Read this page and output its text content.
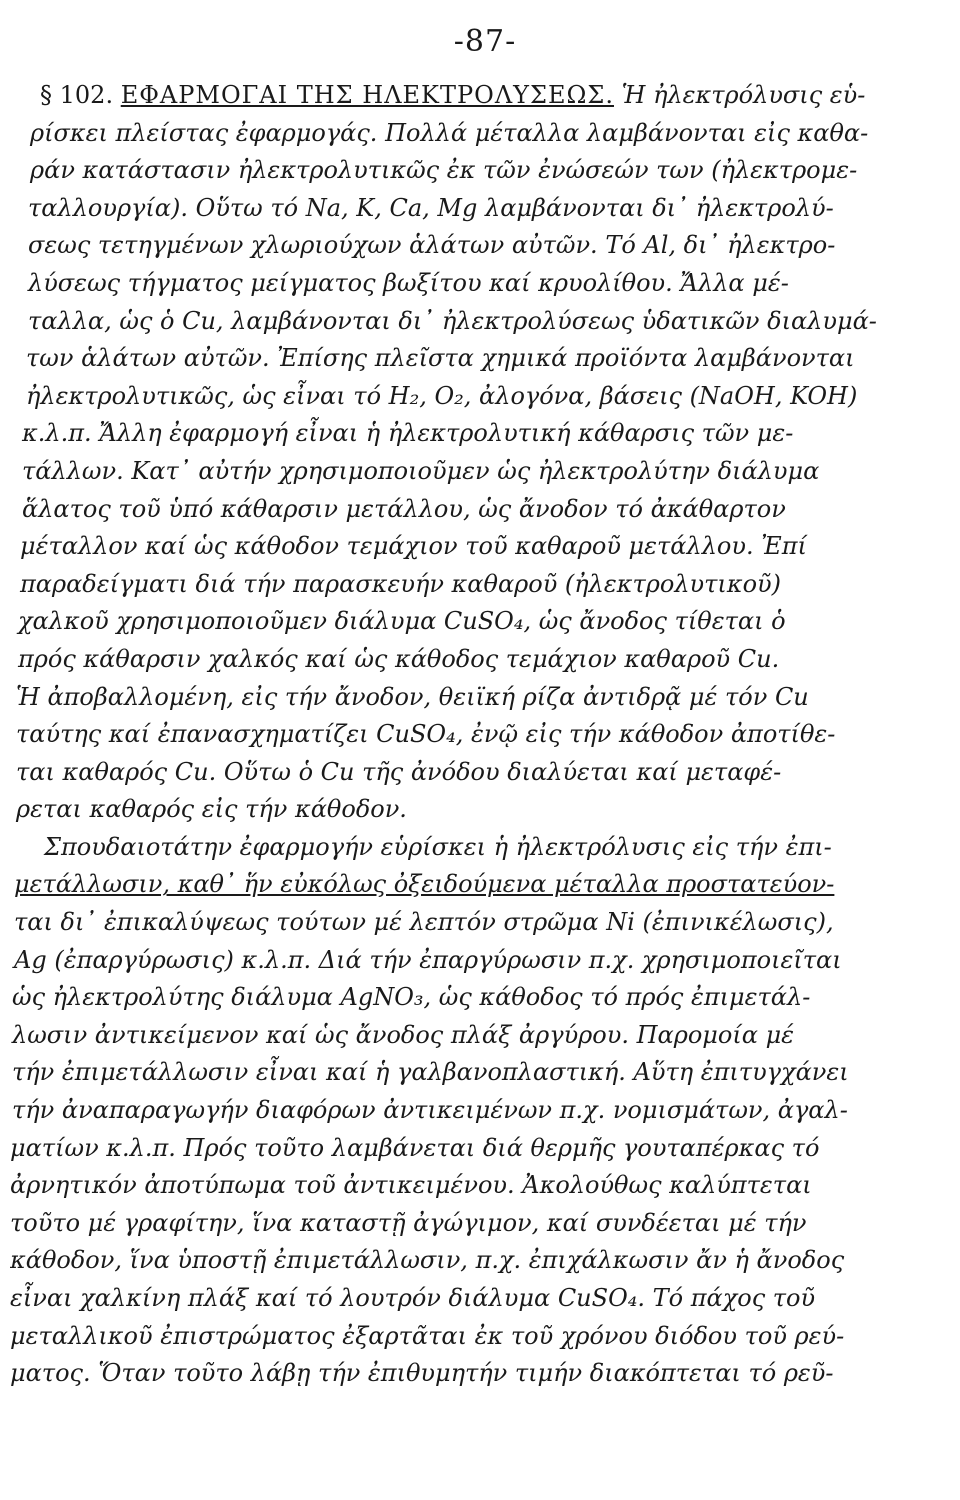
-87-
§ 102. ΕΦΑΡΜΟΓΑΙ ΤΗΣ ΗΛΕΚΤΡΟΛΥΣΕΩΣ. Ἡ ἠλεκτρόλυσις εὑ-
ρίσκει πλείστας ἐφαρμογάς. Πολλά μέταλλα λαμβάνονται εἰς καθα-
ράν κατάστασιν ἠλεκτρολυτικῶς ἐκ τῶν ἐνώσεών των (ἠλεκτρομε-
ταλλουργία). Οὕτω τό Na, K, Ca, Mg λαμβάνονται δι᾽ ἠλεκτρολύ-
σεως τετηγμένων χλωριούχων ἁλάτων αὐτῶν. Τό Al, δι᾽ ἠλεκτρο-
λύσεως τήγματος μείγματος βωξίτου καί κρυολίθου. Ἄλλα μέ-
ταλλα, ὡς ὁ Cu, λαμβάνονται δι᾽ ἠλεκτρολύσεως ὑδατικῶν διαλυμά-
των ἁλάτων αὐτῶν. Ἐπίσης πλεῖστα χημικά προϊόντα λαμβάνονται
ἠλεκτρολυτικῶς, ὡς εἶναι τό H₂, O₂, ἀλογόνα, βάσεις (NaOH, KOH)
κ.λ.π. Ἄλλη ἐφαρμογή εἶναι ἡ ἠλεκτρολυτική κάθαρσις τῶν με-
τάλλων. Κατ᾽ αὐτήν χρησιμοποιοῦμεν ὡς ἠλεκτρολύτην διάλυμα
ἅλατος τοῦ ὑπό κάθαρσιν μετάλλου, ὡς ἄνοδον τό ἀκάθαρτον
μέταλλον καί ὡς κάθοδον τεμάχιον τοῦ καθαροῦ μετάλλου. Ἐπί
παραδείγματι διά τήν παρασκευήν καθαροῦ (ἠλεκτρολυτικοῦ)
χαλκοῦ χρησιμοποιοῦμεν διάλυμα CuSO₄, ὡς ἄνοδος τίθεται ὁ
πρός κάθαρσιν χαλκός καί ὡς κάθοδος τεμάχιον καθαροῦ Cu.
Ἡ ἀποβαλλομένη, εἰς τήν ἄνοδον, θειϊκή ρίζα ἀντιδρᾷ μέ τόν Cu
ταύτης καί ἐπανασχηματίζει CuSO₄, ἐνῷ εἰς τήν κάθοδον ἀποτίθε-
ται καθαρός Cu. Οὕτω ὁ Cu τῆς ἀνόδου διαλύεται καί μεταφέ-
ρεται καθαρός εἰς τήν κάθοδον.
Σπουδαιοτάτην ἐφαρμογήν εὑρίσκει ἡ ἠλεκτρόλυσις εἰς τήν ἐπι-
μετάλλωσιν, καθ᾽ ἥν εὐκόλως ὀξειδούμενα μέταλλα προστατεύον-
ται δι᾽ ἐπικαλύψεως τούτων μέ λεπτόν στρῶμα Ni (ἐπινικέλωσις),
Ag (ἐπαργύρωσις) κ.λ.π. Διά τήν ἐπαργύρωσιν π.χ. χρησιμοποιεῖται
ὡς ἠλεκτρολύτης διάλυμα AgNO₃, ὡς κάθοδος τό πρός ἐπιμετάλ-
λωσιν ἀντικείμενον καί ὡς ἄνοδος πλάξ ἀργύρου. Παρομοία μέ
τήν ἐπιμετάλλωσιν εἶναι καί ἡ γαλβανοπλαστική. Αὕτη ἐπιτυγχάνει
τήν ἀναπαραγωγήν διαφόρων ἀντικειμένων π.χ. νομισμάτων, ἀγαλ-
ματίων κ.λ.π. Πρός τοῦτο λαμβάνεται διά θερμῆς γουταπέρκας τό
ἀρνητικόν ἀποτύπωμα τοῦ ἀντικειμένου. Ἀκολούθως καλύπτεται
τοῦτο μέ γραφίτην, ἵνα καταστῇ ἀγώγιμον, καί συνδέεται μέ τήν
κάθοδον, ἵνα ὑποστῇ ἐπιμετάλλωσιν, π.χ. ἐπιχάλκωσιν ἄν ἡ ἄνοδος
εἶναι χαλκίνη πλάξ καί τό λουτρόν διάλυμα CuSO₄. Τό πάχος τοῦ
μεταλλικοῦ ἐπιστρώματος ἐξαρτᾶται ἐκ τοῦ χρόνου διόδου τοῦ ρεύ-
ματος. Ὅταν τοῦτο λάβῃ τήν ἐπιθυμητήν τιμήν διακόπτεται τό ρεῦ-
